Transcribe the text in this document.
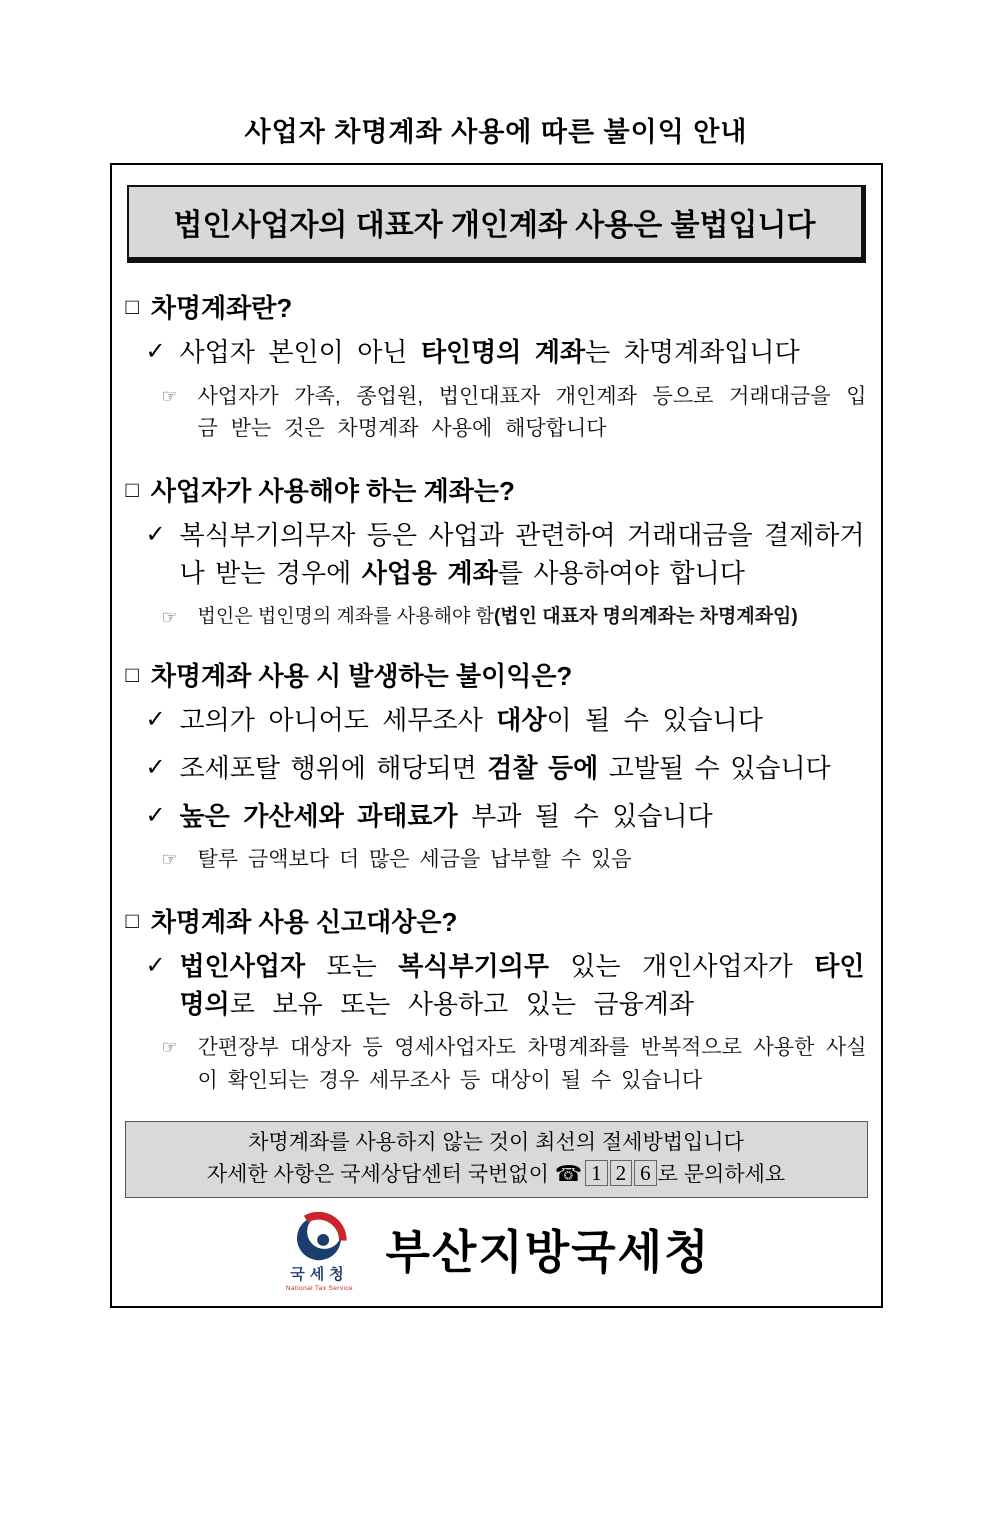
사업자 차명계좌 사용에 따른 불이익 안내
법인사업자의 대표자 개인계좌 사용은 불법입니다
□ 차명계좌란?
✓ 사업자 본인이 아닌 타인명의 계좌는 차명계좌입니다

☞ 사업자가 가족, 종업원, 법인대표자 개인계좌 등으로 거래대금을 입금 받는 것은 차명계좌 사용에 해당합니다

□ 사업자가 사용해야 하는 계좌는?
✓ 복식부기의무자 등은 사업과 관련하여 거래대금을 결제하거나 받는 경우에 사업용 계좌를 사용하여야 합니다

☞	법인은 법인명의 계좌를 사용해야 함(법인 대표자 명의계좌는 차명계좌임)

□ 차명계좌 사용 시 발생하는 불이익은?
✓ 고의가 아니어도 세무조사 대상이 될 수 있습니다

✓ 조세포탈 행위에 해당되면 검찰 등에 고발될 수 있습니다

✓ 높은 가산세와 과태료가 부과 될 수 있습니다

☞ 탈루 금액보다 더 많은 세금을 납부할 수 있음

□ 차명계좌 사용 신고대상은?
✓ 법인사업자 또는 복식부기의무 있는 개인사업자가 타인 명의로 보유 또는 사용하고 있는 금융계좌

☞ 간편장부 대상자 등 영세사업자도 차명계좌를 반복적으로 사용한 사실이 확인되는 경우 세무조사 등 대상이 될 수 있습니다

차명계좌를 사용하지 않는 것이 최선의 절세방법입니다
자세한 사항은 국세상담센터 국번없이 ☎ 1 2 6 로 문의하세요
국세청
National Tax Service
부산지방국세청
